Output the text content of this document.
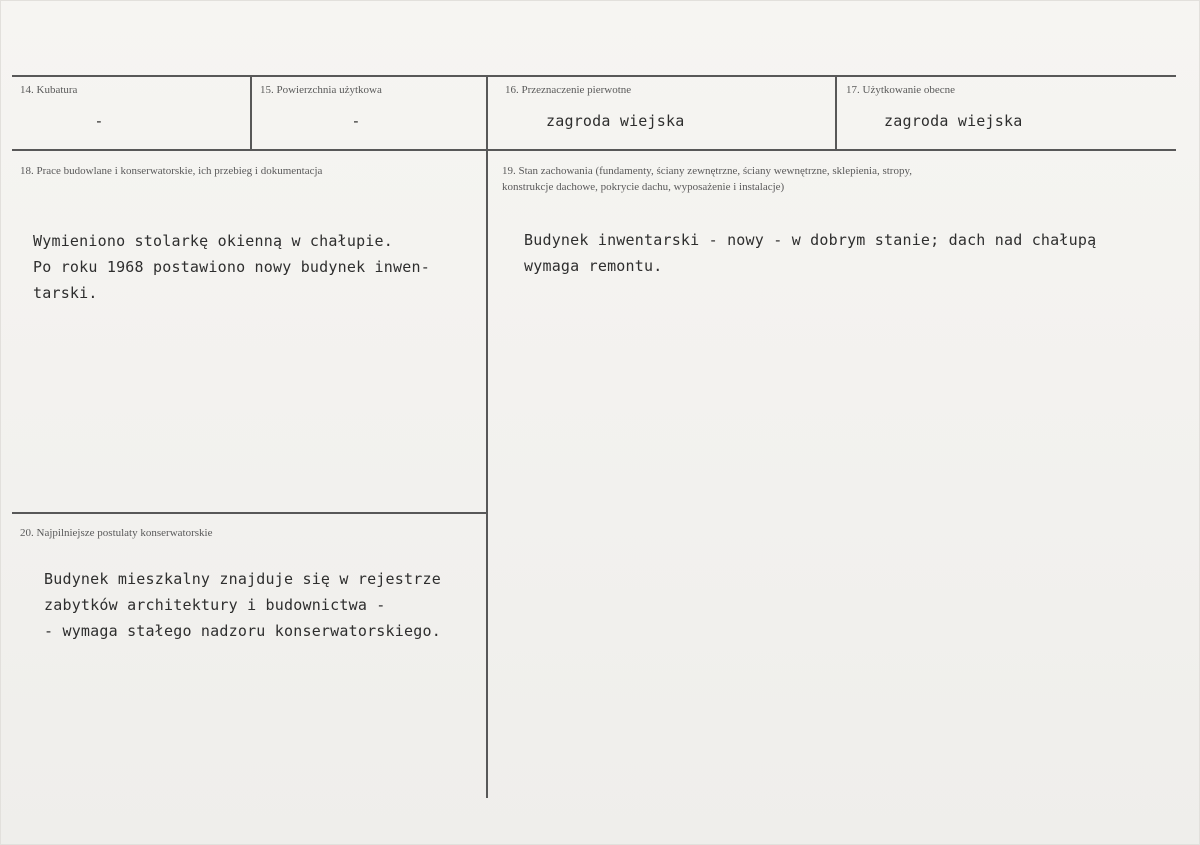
14. Kubatura
-
15. Powierzchnia użytkowa
-
16. Przeznaczenie pierwotne
zagroda wiejska
17. Użytkowanie obecne
zagroda wiejska
18. Prace budowlane i konserwatorskie, ich przebieg i dokumentacja
Wymieniono stolarkę okienną w chałupie.
Po roku 1968 postawiono nowy budynek inwen-
tarski.
19. Stan zachowania (fundamenty, ściany zewnętrzne, ściany wewnętrzne, sklepienia, stropy,
konstrukcje dachowe, pokrycie dachu, wyposażenie i instalacje)
Budynek inwentarski - nowy - w dobrym stanie; dach nad chałupą
wymaga remontu.
20. Najpilniejsze postulaty konserwatorskie
Budynek mieszkalny znajduje się w rejestrze
zabytków architektury i budownictwa -
- wymaga stałego nadzoru konserwatorskiego.
